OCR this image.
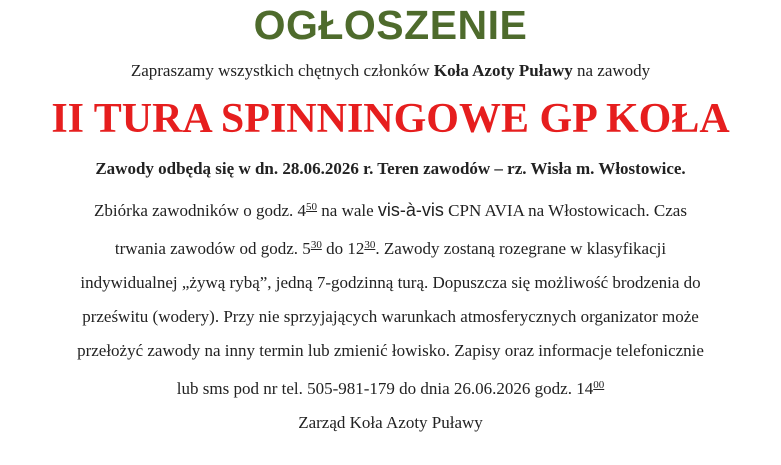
OGŁOSZENIE
Zapraszamy wszystkich chętnych członków Koła Azoty Puławy na zawody
II TURA SPINNINGOWE GP KOŁA
Zawody odbędą się w dn. 28.06.2026 r. Teren zawodów – rz. Wisła m. Włostowice.
Zbiórka zawodników o godz. $4^{50}$ na wale vis-à-vis CPN AVIA na Włostowicach. Czas
trwania zawodów od godz. $5^{30}$ do $12^{30}$. Zawody zostaną rozegrane w klasyfikacji
indywidualnej „żywą rybą”, jedną 7-godzinną turą. Dopuszcza się możliwość brodzenia do
prześwitu (wodery). Przy nie sprzyjających warunkach atmosferycznych organizator może
przełożyć zawody na inny termin lub zmienić łowisko. Zapisy oraz informacje telefonicznie
lub sms pod nr tel. 505-981-179 do dnia 26.06.2026 godz. $14^{00}$
Zarząd Koła Azoty Puławy
